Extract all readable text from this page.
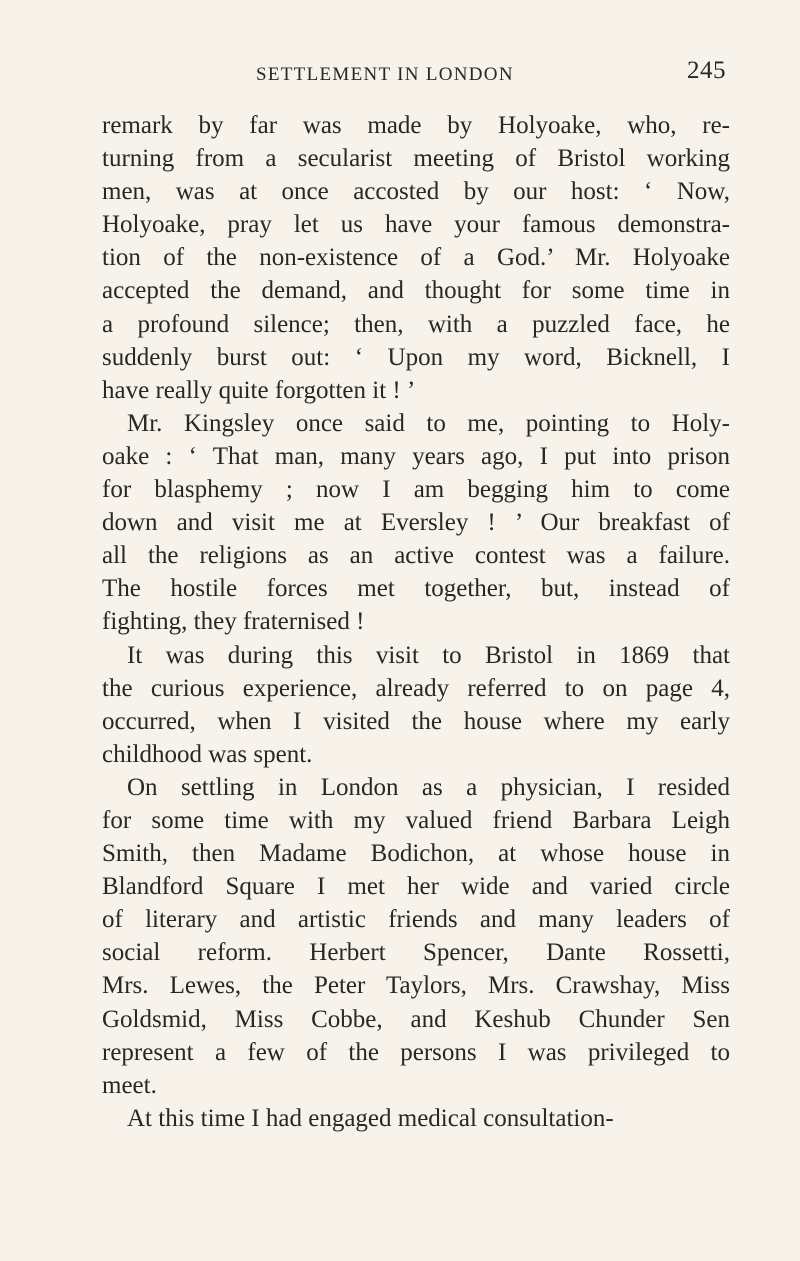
SETTLEMENT IN LONDON	245
remark by far was made by Holyoake, who, re-
turning from a secularist meeting of Bristol working
men, was at once accosted by our host: ‘ Now,
Holyoake, pray let us have your famous demonstra-
tion of the non-existence of a God.’ Mr. Holyoake
accepted the demand, and thought for some time in
a profound silence; then, with a puzzled face, he
suddenly burst out: ‘ Upon my word, Bicknell, I
have really quite forgotten it ! ’
Mr. Kingsley once said to me, pointing to Holy-
oake : ‘ That man, many years ago, I put into prison
for blasphemy ; now I am begging him to come
down and visit me at Eversley ! ’ Our breakfast of
all the religions as an active contest was a failure.
The hostile forces met together, but, instead of
fighting, they fraternised !
It was during this visit to Bristol in 1869 that
the curious experience, already referred to on page 4,
occurred, when I visited the house where my early
childhood was spent.
On settling in London as a physician, I resided
for some time with my valued friend Barbara Leigh
Smith, then Madame Bodichon, at whose house in
Blandford Square I met her wide and varied circle
of literary and artistic friends and many leaders of
social reform. Herbert Spencer, Dante Rossetti,
Mrs. Lewes, the Peter Taylors, Mrs. Crawshay, Miss
Goldsmid, Miss Cobbe, and Keshub Chunder Sen
represent a few of the persons I was privileged to
meet.
At this time I had engaged medical consultation-
